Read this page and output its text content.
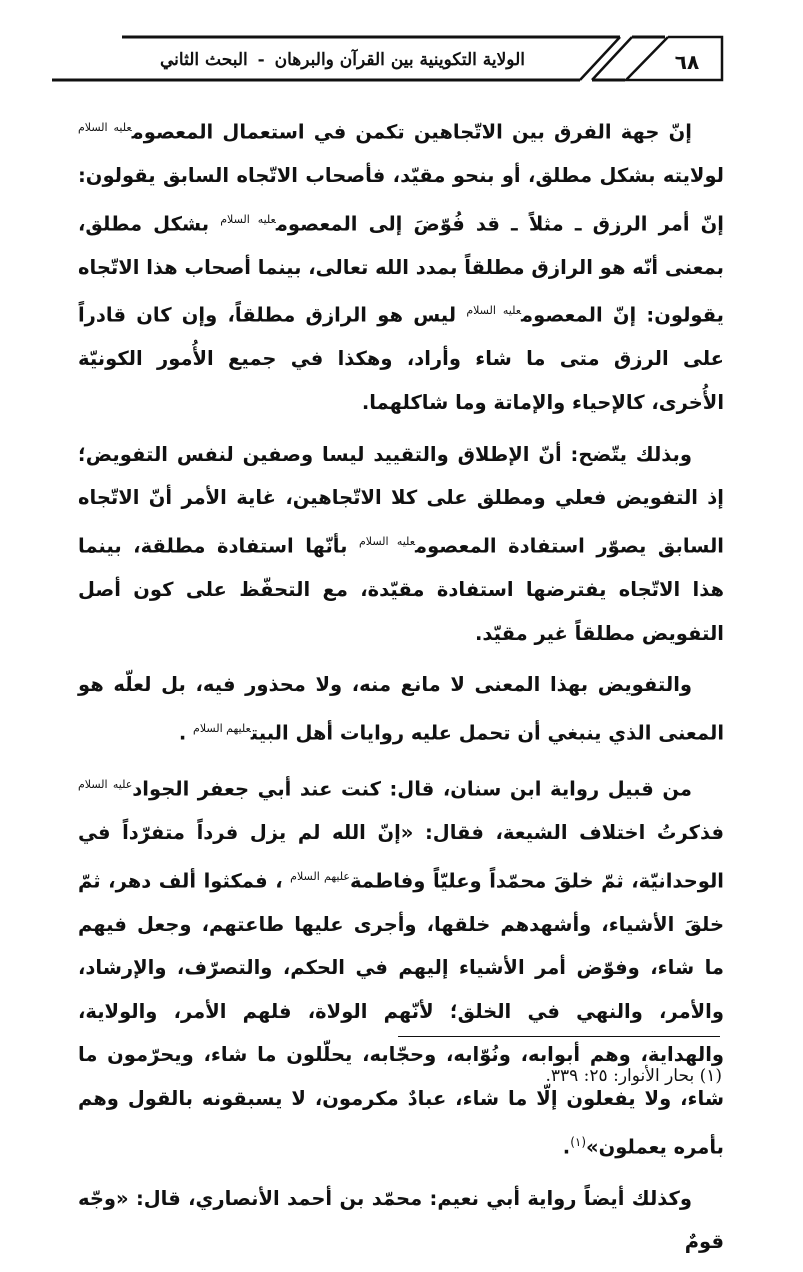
٦٨
الولاية التكوينية بين القرآن والبرهان - البحث الثاني

إنّ جهة الفرق بين الاتّجاهين تكمن في استعمال المعصوم$^{عليه السلام}$ لولايته بشكل مطلق، أو بنحو مقيّد، فأصحاب الاتّجاه السابق يقولون: إنّ أمر الرزق ـ مثلاً ـ قد فُوّضَ إلى المعصوم$^{عليه السلام}$ بشكل مطلق، بمعنى أنّه هو الرازق مطلقاً بمدد الله تعالى، بينما أصحاب هذا الاتّجاه يقولون: إنّ المعصوم$^{عليه السلام}$ ليس هو الرازق مطلقاً، وإن كان قادراً على الرزق متى ما شاء وأراد، وهكذا في جميع الأُمور الكونيّة الأُخرى، كالإحياء والإماتة وما شاكلهما.

وبذلك يتّضح: أنّ الإطلاق والتقييد ليسا وصفين لنفس التفويض؛ إذ التفويض فعلي ومطلق على كلا الاتّجاهين، غاية الأمر أنّ الاتّجاه السابق يصوّر استفادة المعصوم$^{عليه السلام}$ بأنّها استفادة مطلقة، بينما هذا الاتّجاه يفترضها استفادة مقيّدة، مع التحفّظ على كون أصل التفويض مطلقاً غير مقيّد.

والتفويض بهذا المعنى لا مانع منه، ولا محذور فيه، بل لعلّه هو المعنى الذي ينبغي أن تحمل عليه روايات أهل البيت$^{عليهم السلام}$ .

من قبيل رواية ابن سنان، قال: كنت عند أبي جعفر الجواد$^{عليه السلام}$ فذكرتُ اختلاف الشيعة، فقال: «إنّ الله لم يزل فرداً متفرّداً في الوحدانيّة، ثمّ خلقَ محمّداً وعليّاً وفاطمة$^{عليهم السلام}$ ، فمكثوا ألف دهر، ثمّ خلقَ الأشياء، وأشهدهم خلقها، وأجرى عليها طاعتهم، وجعل فيهم ما شاء، وفوّض أمر الأشياء إليهم في الحكم، والتصرّف، والإرشاد، والأمر، والنهي في الخلق؛ لأنّهم الولاة، فلهم الأمر، والولاية، والهداية، وهم أبوابه، ونُوّابه، وحجّابه، يحلّلون ما شاء، ويحرّمون ما شاء، ولا يفعلون إلّا ما شاء، عبادٌ مكرمون، لا يسبقونه بالقول وهم بأمره يعملون»$^{(١)}$.

وكذلك أيضاً رواية أبي نعيم: محمّد بن أحمد الأنصاري، قال: «وجّه قومٌ

(١) بحار الأنوار: ٢٥: ٣٣٩.
